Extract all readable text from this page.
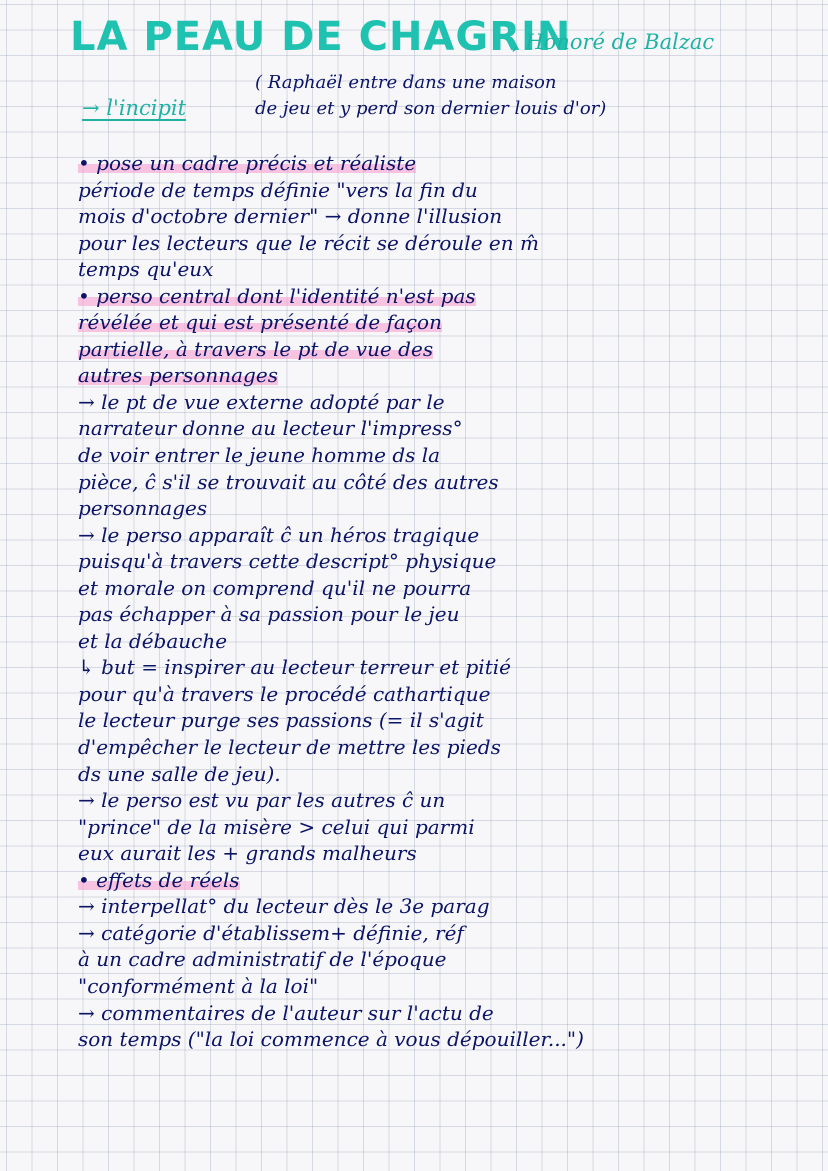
LA PEAU DE CHAGRIN
, Honoré de Balzac
→ l'incipit
( Raphaël entre dans une maison
de jeu et y perd son dernier louis d'or)
• pose un cadre précis et réaliste
période de temps définie "vers la fin du
mois d'octobre dernier" → donne l'illusion
pour les lecteurs que le récit se déroule en m̂
temps qu'eux
• perso central dont l'identité n'est pas
révélée et qui est présenté de façon
partielle, à travers le pt de vue des
autres personnages
→ le pt de vue externe adopté par le
narrateur donne au lecteur l'impress°
de voir entrer le jeune homme ds la
pièce, ĉ s'il se trouvait au côté des autres
personnages
→ le perso apparaît ĉ un héros tragique
puisqu'à travers cette descript° physique
et morale on comprend qu'il ne pourra
pas échapper à sa passion pour le jeu
et la débauche
↳ but = inspirer au lecteur terreur et pitié
pour qu'à travers le procédé cathartique
le lecteur purge ses passions (= il s'agit
d'empêcher le lecteur de mettre les pieds
ds une salle de jeu).
→ le perso est vu par les autres ĉ un
"prince" de la misère > celui qui parmi
eux aurait les + grands malheurs
• effets de réels
→ interpellat° du lecteur dès le 3e parag
→ catégorie d'établissem+ définie, réf
à un cadre administratif de l'époque
"conformément à la loi"
→ commentaires de l'auteur sur l'actu de
son temps ("la loi commence à vous dépouiller...")
